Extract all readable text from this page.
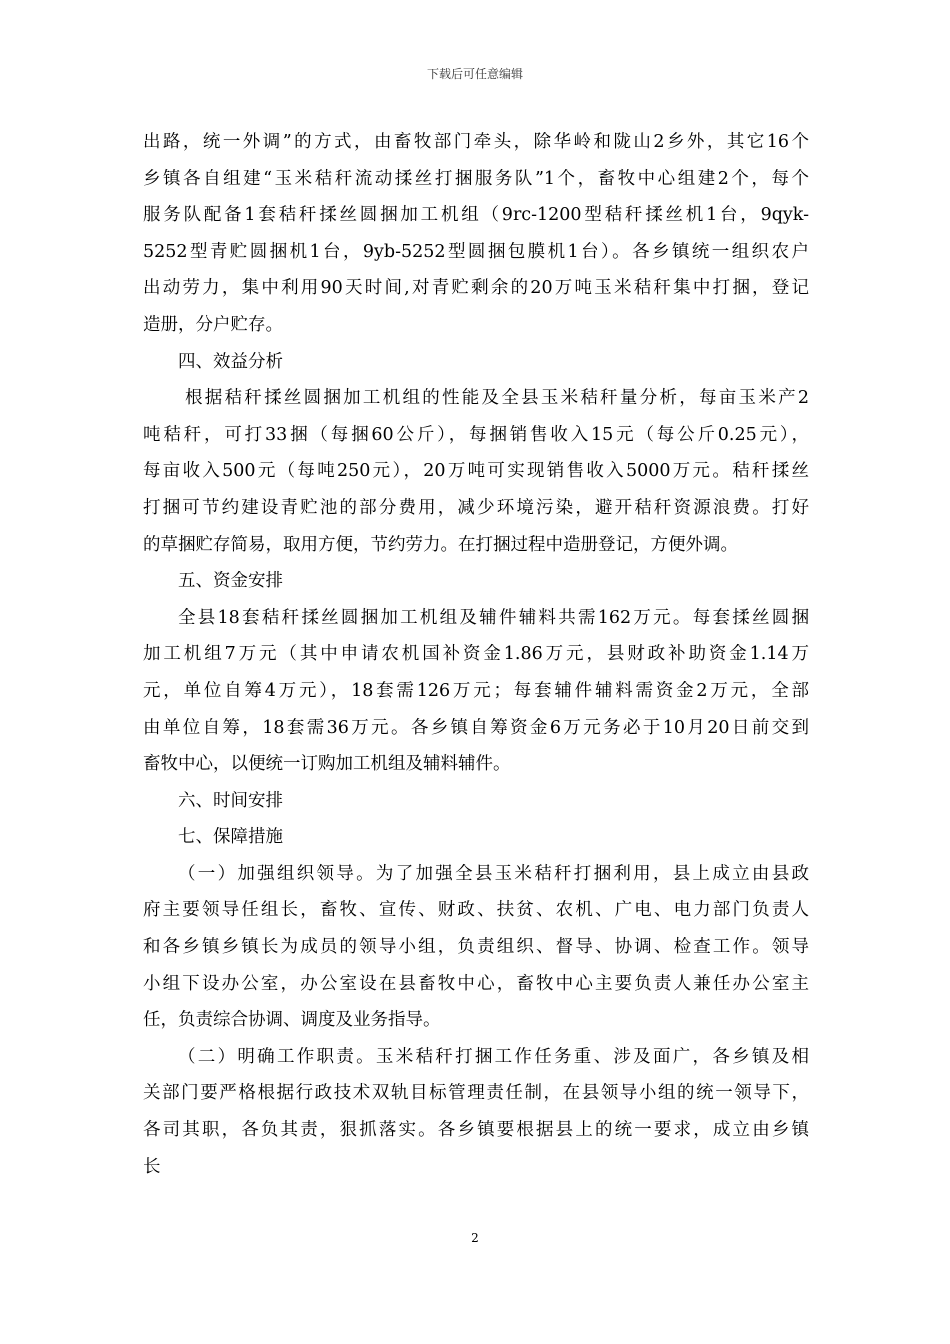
下载后可任意编辑
出路，统一外调”的方式，由畜牧部门牵头，除华岭和陇山2乡外，其它16个
乡镇各自组建“玉米秸秆流动揉丝打捆服务队”1个，畜牧中心组建2个，每个
服务队配备1套秸秆揉丝圆捆加工机组（9rc-1200型秸秆揉丝机1台，9qyk-
5252型青贮圆捆机1台，9yb-5252型圆捆包膜机1台）。各乡镇统一组织农户
出动劳力，集中利用90天时间,对青贮剩余的20万吨玉米秸秆集中打捆，登记
造册，分户贮存。
四、效益分析
根据秸秆揉丝圆捆加工机组的性能及全县玉米秸秆量分析，每亩玉米产2
吨秸秆，可打33捆（每捆60公斤），每捆销售收入15元（每公斤0.25元），
每亩收入500元（每吨250元），20万吨可实现销售收入5000万元。秸秆揉丝
打捆可节约建设青贮池的部分费用，减少环境污染，避开秸秆资源浪费。打好
的草捆贮存简易，取用方便，节约劳力。在打捆过程中造册登记，方便外调。
五、资金安排
全县18套秸秆揉丝圆捆加工机组及辅件辅料共需162万元。每套揉丝圆捆
加工机组7万元（其中申请农机国补资金1.86万元，县财政补助资金1.14万
元，单位自筹4万元），18套需126万元；每套辅件辅料需资金2万元，全部
由单位自筹，18套需36万元。各乡镇自筹资金6万元务必于10月20日前交到
畜牧中心，以便统一订购加工机组及辅料辅件。
六、时间安排
七、保障措施
（一）加强组织领导。为了加强全县玉米秸秆打捆利用，县上成立由县政
府主要领导任组长，畜牧、宣传、财政、扶贫、农机、广电、电力部门负责人
和各乡镇乡镇长为成员的领导小组，负责组织、督导、协调、检查工作。领导
小组下设办公室，办公室设在县畜牧中心，畜牧中心主要负责人兼任办公室主
任，负责综合协调、调度及业务指导。
（二）明确工作职责。玉米秸秆打捆工作任务重、涉及面广，各乡镇及相
关部门要严格根据行政技术双轨目标管理责任制，在县领导小组的统一领导下，
各司其职，各负其责，狠抓落实。各乡镇要根据县上的统一要求，成立由乡镇
长
2
